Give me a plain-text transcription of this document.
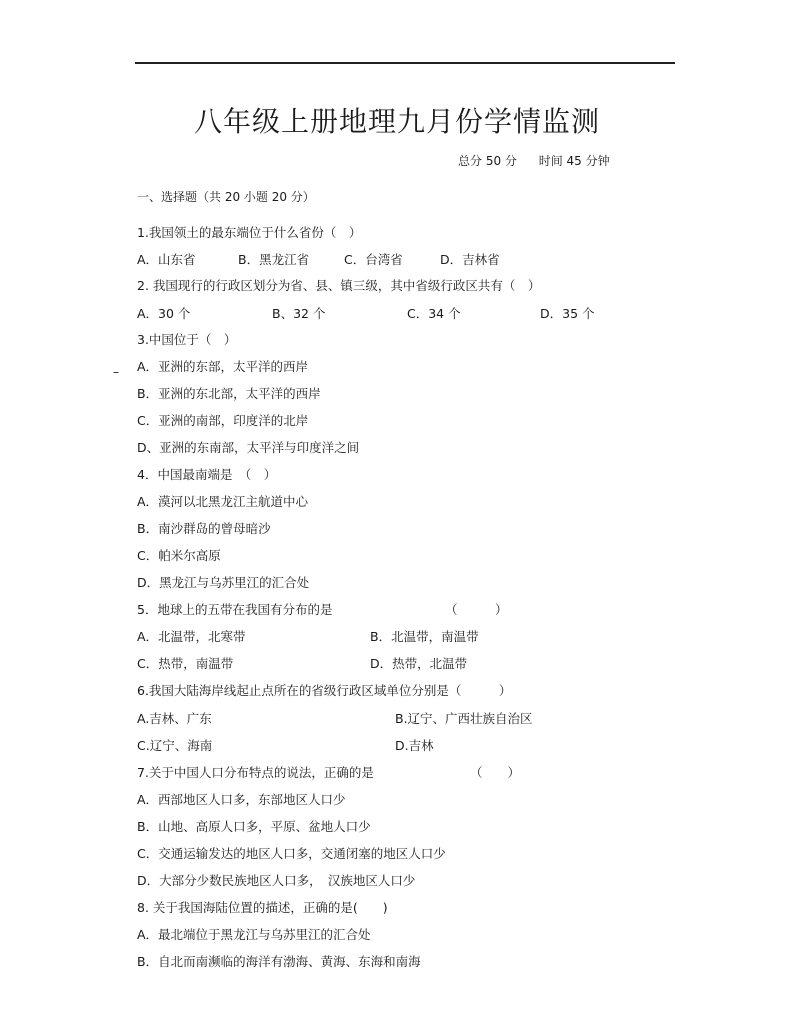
八年级上册地理九月份学情监测
总分 50 分 时间 45 分钟
一、选择题（共 20 小题 20 分）
1.我国领土的最东端位于什么省份（　）
A．山东省	B．黑龙江省	C．台湾省	D．吉林省
2. 我国现行的行政区划分为省、县、镇三级，其中省级行政区共有（　）
A．30 个	B、32 个	C．34 个	D．35 个
3.中国位于（　）
– A．亚洲的东部，太平洋的西岸
B．亚洲的东北部，太平洋的西岸
C．亚洲的南部，印度洋的北岸
D、亚洲的东南部，太平洋与印度洋之间
4．中国最南端是　（　）
A．漠河以北黑龙江主航道中心
B．南沙群岛的曾母暗沙
C．帕米尔高原
D．黑龙江与乌苏里江的汇合处
5．地球上的五带在我国有分布的是	（　　　）
A．北温带，北寒带	B．北温带，南温带
C．热带，南温带	D．热带，北温带
6.我国大陆海岸线起止点所在的省级行政区域单位分别是（　　　）
A.吉林、广东	B.辽宁、广西壮族自治区
C.辽宁、海南	D.吉林
7.关于中国人口分布特点的说法，正确的是	（　　）
A．西部地区人口多，东部地区人口少
B．山地、高原人口多，平原、盆地人口少
C．交通运输发达的地区人口多，交通闭塞的地区人口少
D．大部分少数民族地区人口多，　汉族地区人口少
8. 关于我国海陆位置的描述，正确的是(　　)
A．最北端位于黑龙江与乌苏里江的汇合处
B．自北而南濒临的海洋有渤海、黄海、东海和南海
